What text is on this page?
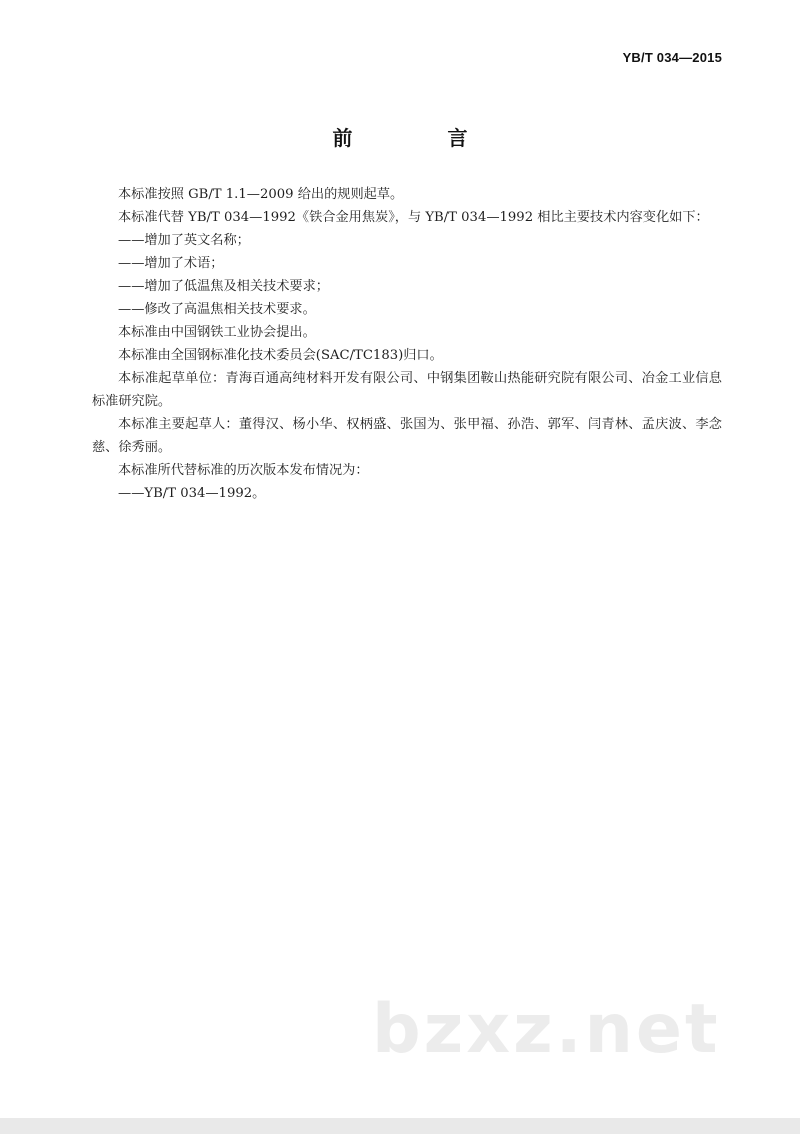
YB/T 034—2015
前 言

本标准按照 GB/T 1.1—2009 给出的规则起草。

本标准代替 YB/T 034—1992《铁合金用焦炭》，与 YB/T 034—1992 相比主要技术内容变化如下：

——增加了英文名称；

——增加了术语；

——增加了低温焦及相关技术要求；

——修改了高温焦相关技术要求。

本标准由中国钢铁工业协会提出。

本标准由全国钢标准化技术委员会(SAC/TC183)归口。

本标准起草单位：青海百通高纯材料开发有限公司、中钢集团鞍山热能研究院有限公司、冶金工业信息标准研究院。

本标准主要起草人：董得汉、杨小华、权柄盛、张国为、张甲福、孙浩、郭军、闫青林、孟庆波、李念慈、徐秀丽。

本标准所代替标准的历次版本发布情况为：

——YB/T 034—1992。

bzxz.net
